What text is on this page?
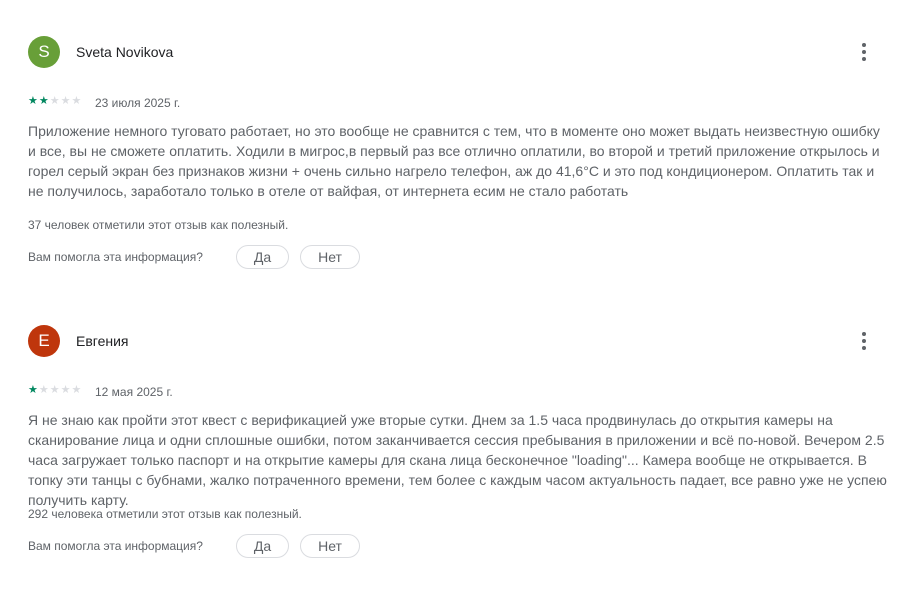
S	Sveta Novikova
★ ★ ★ ★ ★ 23 июля 2025 г.
Приложение немного туговато работает, но это вообще не сравнится с тем, что в моменте оно может выдать неизвестную ошибку и все, вы не сможете оплатить. Ходили в мигрос,в первый раз все отлично оплатили, во второй и третий приложение открылось и горел серый экран без признаков жизни + очень сильно нагрело телефон, аж до 41,6°C и это под кондиционером. Оплатить так и не получилось, заработало только в отеле от вайфая, от интернета есим не стало работать
37 человек отметили этот отзыв как полезный.
Вам помогла эта информация?	Да	Нет
E	Евгения
★ ★ ★ ★ ★ 12 мая 2025 г.
Я не знаю как пройти этот квест с верификацией уже вторые сутки. Днем за 1.5 часа продвинулась до открытия камеры на сканирование лица и одни сплошные ошибки, потом заканчивается сессия пребывания в приложении и всё по-новой. Вечером 2.5 часа загружает только паспорт и на открытие камеры для скана лица бесконечное "loading"... Камера вообще не открывается. В топку эти танцы с бубнами, жалко потраченного времени, тем более с каждым часом актуальность падает, все равно уже не успею получить карту.
292 человека отметили этот отзыв как полезный.
Вам помогла эта информация?	Да	Нет
